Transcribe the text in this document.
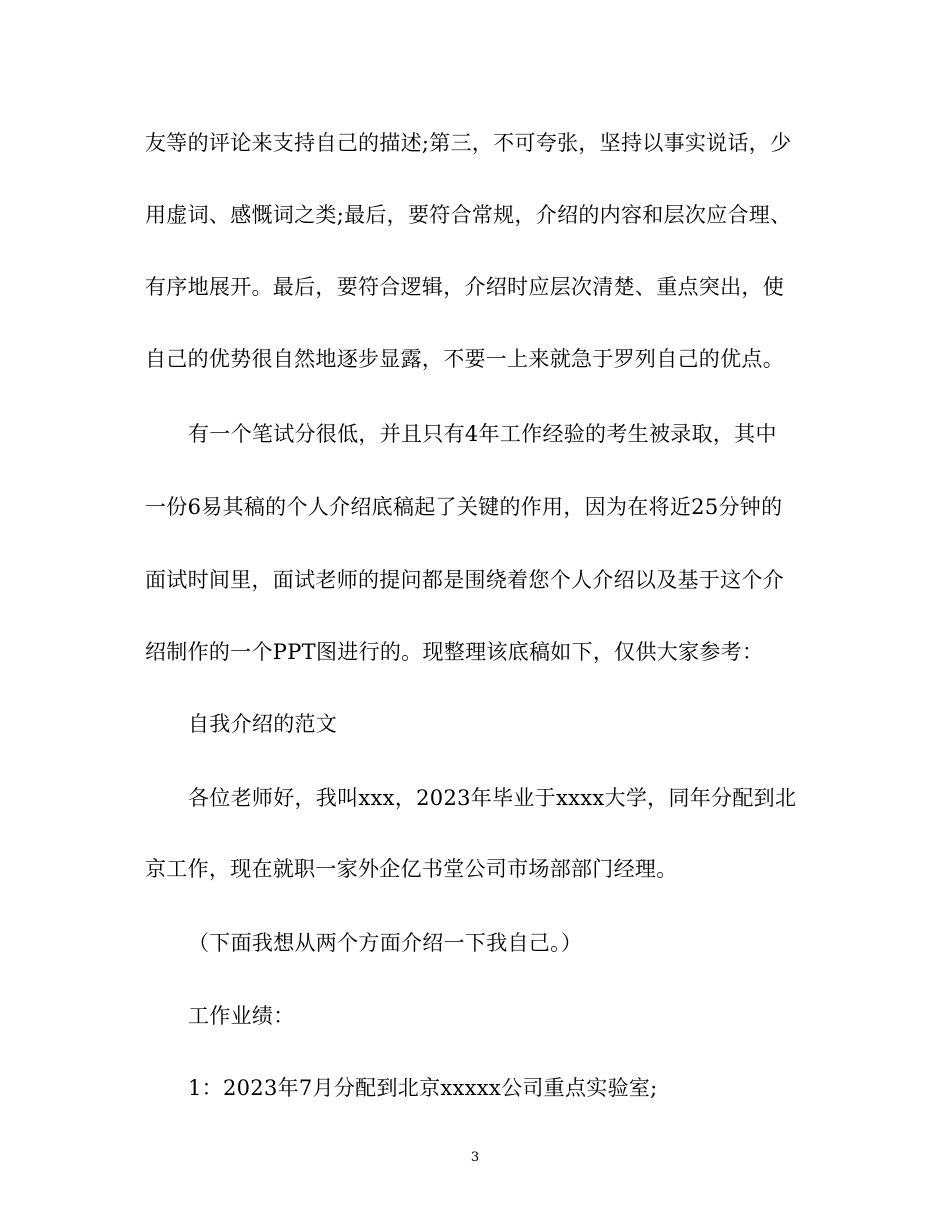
友等的评论来支持自己的描述;第三，不可夸张，坚持以事实说话，少
用虚词、感慨词之类;最后，要符合常规，介绍的内容和层次应合理、
有序地展开。最后，要符合逻辑，介绍时应层次清楚、重点突出，使
自己的优势很自然地逐步显露，不要一上来就急于罗列自己的优点。
有一个笔试分很低，并且只有4年工作经验的考生被录取，其中
一份6易其稿的个人介绍底稿起了关键的作用，因为在将近25分钟的
面试时间里，面试老师的提问都是围绕着您个人介绍以及基于这个介
绍制作的一个PPT图进行的。现整理该底稿如下，仅供大家参考：
自我介绍的范文
各位老师好，我叫xxx，2023年毕业于xxxx大学，同年分配到北
京工作，现在就职一家外企亿书堂公司市场部部门经理。
（下面我想从两个方面介绍一下我自己。）
工作业绩：
1：2023年7月分配到北京xxxxx公司重点实验室;
3
